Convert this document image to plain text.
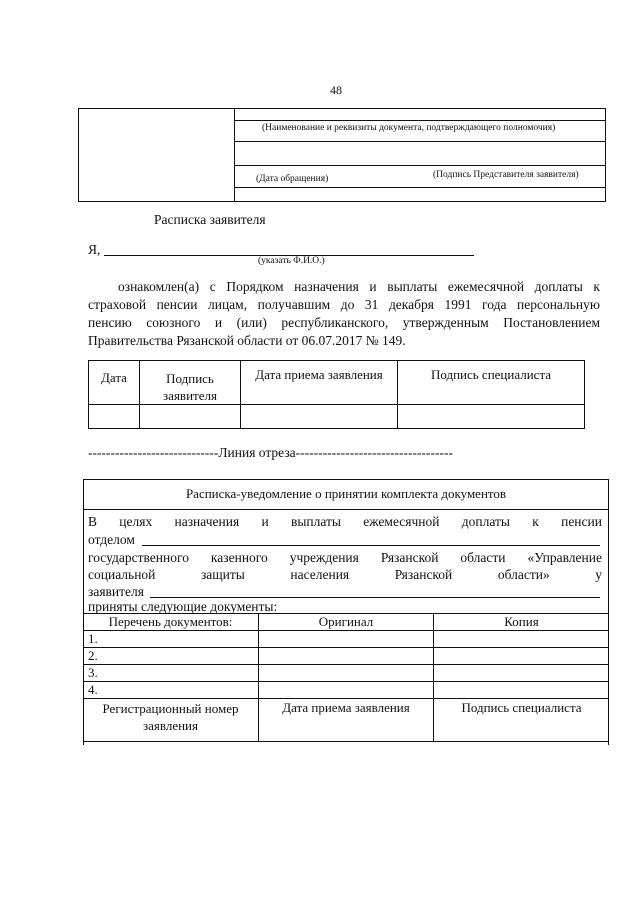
48
(Наименование и реквизиты документа, подтверждающего полномочия)
(Дата обращения)	(Подпись Представителя заявителя)
Расписка заявителя
Я,
(указать Ф.И.О.)
ознакомлен(а) с Порядком назначения и выплаты ежемесячной доплаты к
страховой пенсии лицам, получавшим до 31 декабря 1991 года персональную
пенсию союзного и (или) республиканского, утвержденным Постановлением
Правительства Рязанской области от 06.07.2017 № 149.
Дата	Подпись заявителя	Дата приема заявления	Подпись специалиста

-----------------------------Линия отреза-----------------------------------
Расписка-уведомление о принятии комплекта документов
В целях назначения и выплаты ежемесячной доплаты к пенсии
отделом
государственного казенного учреждения Рязанской области «Управление
социальной	защиты	населения	Рязанской	области»	у
заявителя
приняты следующие документы:
Перечень документов:	Оригинал	Копия
1.		
2.		
3.		
4.		
Регистрационный номер заявления	Дата приема заявления	Подпись специалиста
